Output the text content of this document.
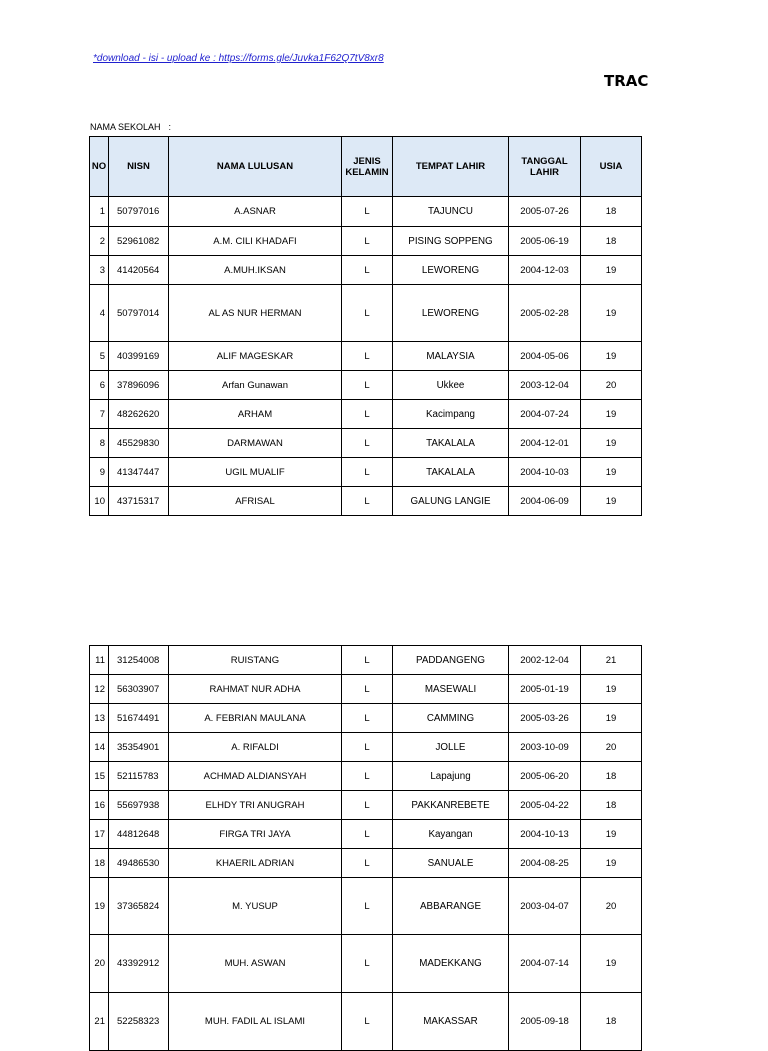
*download - isi - upload ke : https://forms.gle/Juvka1F62Q7tV8xr8
TRAC
NAMA SEKOLAH :
NO	NISN	NAMA LULUSAN	JENIS KELAMIN	TEMPAT LAHIR	TANGGAL LAHIR	USIA
1	50797016	A.ASNAR	L	TAJUNCU	2005-07-26	18
2	52961082	A.M. CILI KHADAFI	L	PISING SOPPENG	2005-06-19	18
3	41420564	A.MUH.IKSAN	L	LEWORENG	2004-12-03	19
4	50797014	AL AS NUR HERMAN	L	LEWORENG	2005-02-28	19
5	40399169	ALIF MAGESKAR	L	MALAYSIA	2004-05-06	19
6	37896096	Arfan Gunawan	L	Ukkee	2003-12-04	20
7	48262620	ARHAM	L	Kacimpang	2004-07-24	19
8	45529830	DARMAWAN	L	TAKALALA	2004-12-01	19
9	41347447	UGIL MUALIF	L	TAKALALA	2004-10-03	19
10	43715317	AFRISAL	L	GALUNG LANGIE	2004-06-09	19
11	31254008	RUISTANG	L	PADDANGENG	2002-12-04	21
12	56303907	RAHMAT NUR ADHA	L	MASEWALI	2005-01-19	19
13	51674491	A. FEBRIAN MAULANA	L	CAMMING	2005-03-26	19
14	35354901	A. RIFALDI	L	JOLLE	2003-10-09	20
15	52115783	ACHMAD ALDIANSYAH	L	Lapajung	2005-06-20	18
16	55697938	ELHDY TRI ANUGRAH	L	PAKKANREBETE	2005-04-22	18
17	44812648	FIRGA TRI JAYA	L	Kayangan	2004-10-13	19
18	49486530	KHAERIL ADRIAN	L	SANUALE	2004-08-25	19
19	37365824	M. YUSUP	L	ABBARANGE	2003-04-07	20
20	43392912	MUH. ASWAN	L	MADEKKANG	2004-07-14	19
21	52258323	MUH. FADIL AL ISLAMI	L	MAKASSAR	2005-09-18	18
